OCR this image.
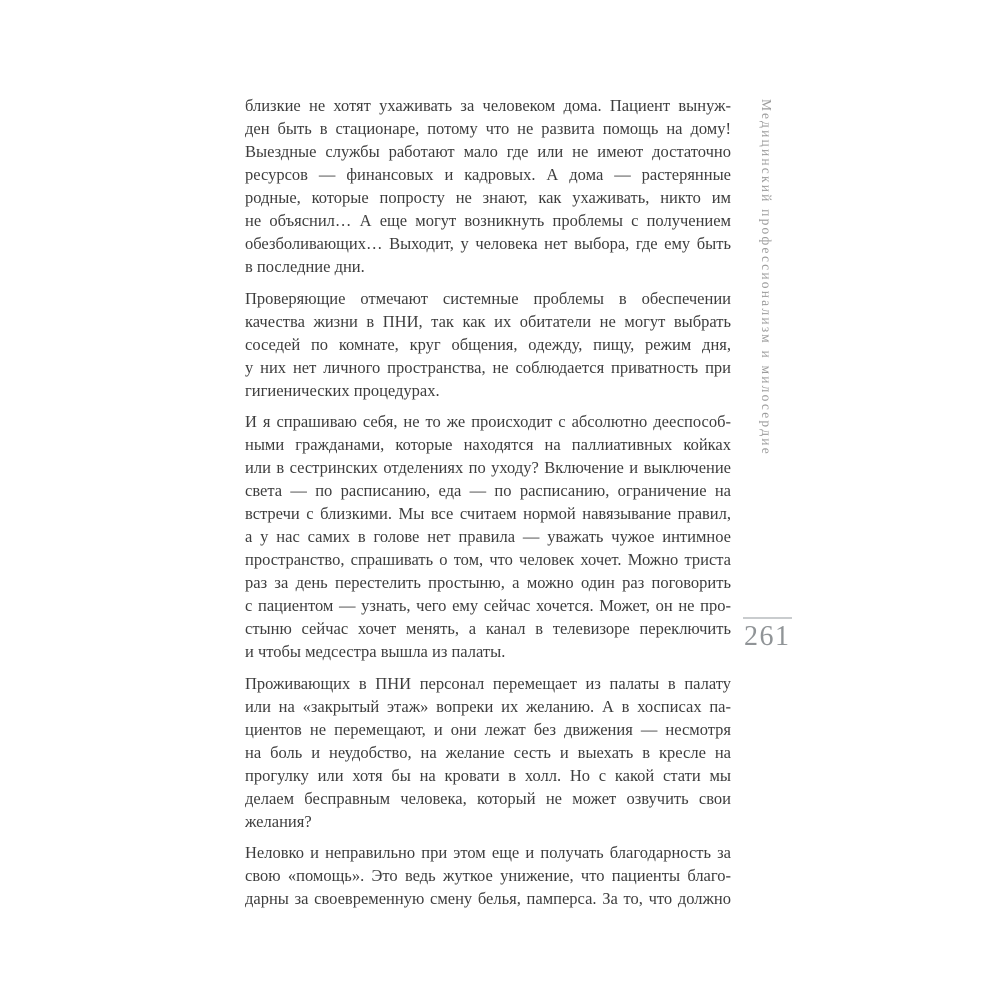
близкие не хотят ухаживать за человеком дома. Пациент вынуж-
ден быть в стационаре, потому что не развита помощь на дому!
Выездные службы работают мало где или не имеют достаточно
ресурсов — финансовых и кадровых. А дома — растерянные
родные, которые попросту не знают, как ухаживать, никто им
не объяснил… А еще могут возникнуть проблемы с получением
обезболивающих… Выходит, у человека нет выбора, где ему быть
в последние дни.
Проверяющие отмечают системные проблемы в обеспечении
качества жизни в ПНИ, так как их обитатели не могут выбрать
соседей по комнате, круг общения, одежду, пищу, режим дня,
у них нет личного пространства, не соблюдается приватность при
гигиенических процедурах.
И я спрашиваю себя, не то же происходит с абсолютно дееспособ-
ными гражданами, которые находятся на паллиативных койках
или в сестринских отделениях по уходу? Включение и выключение
света — по расписанию, еда — по расписанию, ограничение на
встречи с близкими. Мы все считаем нормой навязывание правил,
а у нас самих в голове нет правила — уважать чужое интимное
пространство, спрашивать о том, что человек хочет. Можно триста
раз за день перестелить простыню, а можно один раз поговорить
с пациентом — узнать, чего ему сейчас хочется. Может, он не про-
стыню сейчас хочет менять, а канал в телевизоре переключить
и чтобы медсестра вышла из палаты.
Проживающих в ПНИ персонал перемещает из палаты в палату
или на «закрытый этаж» вопреки их желанию. А в хосписах па-
циентов не перемещают, и они лежат без движения — несмотря
на боль и неудобство, на желание сесть и выехать в кресле на
прогулку или хотя бы на кровати в холл. Но с какой стати мы
делаем бесправным человека, который не может озвучить свои
желания?
Неловко и неправильно при этом еще и получать благодарность за
свою «помощь». Это ведь жуткое унижение, что пациенты благо-
дарны за своевременную смену белья, памперса. За то, что должно
Медицинский профессионализм и милосердие
261
